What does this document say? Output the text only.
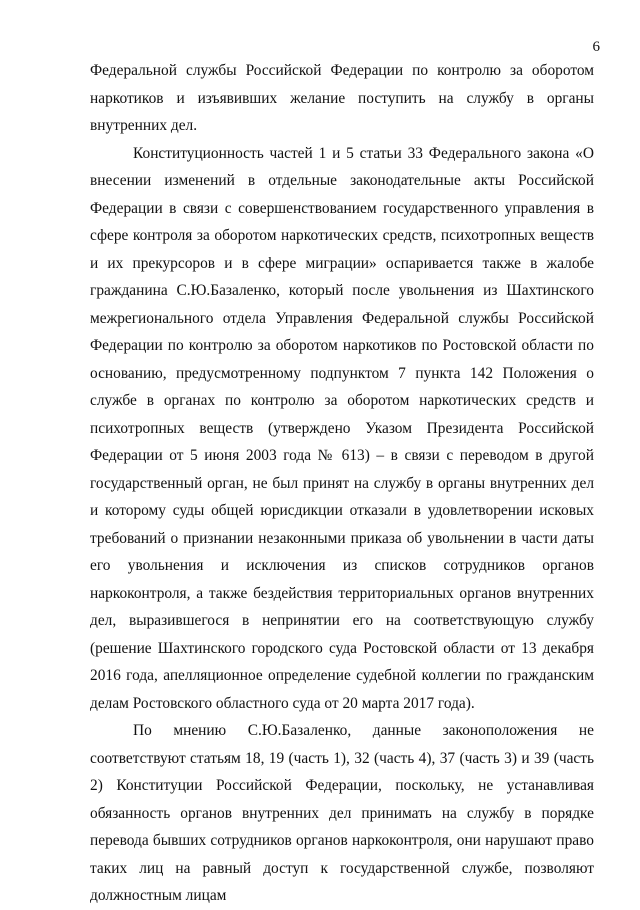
6

Федеральной службы Российской Федерации по контролю за оборотом наркотиков и изъявивших желание поступить на службу в органы внутренних дел.

Конституционность частей 1 и 5 статьи 33 Федерального закона «О внесении изменений в отдельные законодательные акты Российской Федерации в связи с совершенствованием государственного управления в сфере контроля за оборотом наркотических средств, психотропных веществ и их прекурсоров и в сфере миграции» оспаривается также в жалобе гражданина С.Ю.Базаленко, который после увольнения из Шахтинского межрегионального отдела Управления Федеральной службы Российской Федерации по контролю за оборотом наркотиков по Ростовской области по основанию, предусмотренному подпунктом 7 пункта 142 Положения о службе в органах по контролю за оборотом наркотических средств и психотропных веществ (утверждено Указом Президента Российской Федерации от 5 июня 2003 года № 613) – в связи с переводом в другой государственный орган, не был принят на службу в органы внутренних дел и которому суды общей юрисдикции отказали в удовлетворении исковых требований о признании незаконными приказа об увольнении в части даты его увольнения и исключения из списков сотрудников органов наркоконтроля, а также бездействия территориальных органов внутренних дел, выразившегося в непринятии его на соответствующую службу (решение Шахтинского городского суда Ростовской области от 13 декабря 2016 года, апелляционное определение судебной коллегии по гражданским делам Ростовского областного суда от 20 марта 2017 года).

По мнению С.Ю.Базаленко, данные законоположения не соответствуют статьям 18, 19 (часть 1), 32 (часть 4), 37 (часть 3) и 39 (часть 2) Конституции Российской Федерации, поскольку, не устанавливая обязанность органов внутренних дел принимать на службу в порядке перевода бывших сотрудников органов наркоконтроля, они нарушают право таких лиц на равный доступ к государственной службе, позволяют должностным лицам
